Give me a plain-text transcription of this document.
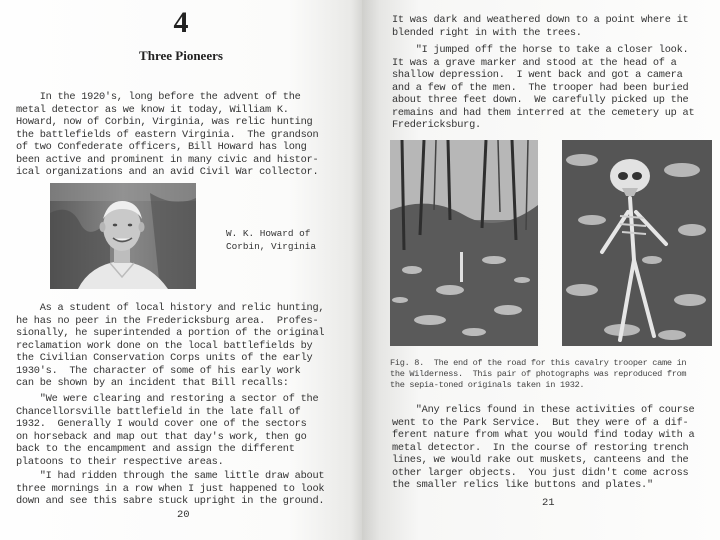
4
Three Pioneers
In the 1920's, long before the advent of the
metal detector as we know it today, William K.
Howard, now of Corbin, Virginia, was relic hunting
the battlefields of eastern Virginia.  The grandson
of two Confederate officers, Bill Howard has long
been active and prominent in many civic and histor-
ical organizations and an avid Civil War collector.
W. K. Howard of
Corbin, Virginia
As a student of local history and relic hunting,
he has no peer in the Fredericksburg area.  Profes-
sionally, he superintended a portion of the original
reclamation work done on the local battlefields by
the Civilian Conservation Corps units of the early
1930's.  The character of some of his early work
can be shown by an incident that Bill recalls:
"We were clearing and restoring a sector of the
Chancellorsville battlefield in the late fall of
1932.  Generally I would cover one of the sectors
on horseback and map out that day's work, then go
back to the encampment and assign the different
platoons to their respective areas.
"I had ridden through the same little draw about
three mornings in a row when I just happened to look
down and see this sabre stuck upright in the ground.
20
It was dark and weathered down to a point where it
blended right in with the trees.
"I jumped off the horse to take a closer look.
It was a grave marker and stood at the head of a
shallow depression.  I went back and got a camera
and a few of the men.  The trooper had been buried
about three feet down.  We carefully picked up the
remains and had them interred at the cemetery up at
Fredericksburg.
Fig. 8.  The end of the road for this cavalry trooper came in
the Wilderness.  This pair of photographs was reproduced from
the sepia-toned originals taken in 1932.
"Any relics found in these activities of course
went to the Park Service.  But they were of a dif-
ferent nature from what you would find today with a
metal detector.  In the course of restoring trench
lines, we would rake out muskets, canteens and the
other larger objects.  You just didn't come across
the smaller relics like buttons and plates."
21
